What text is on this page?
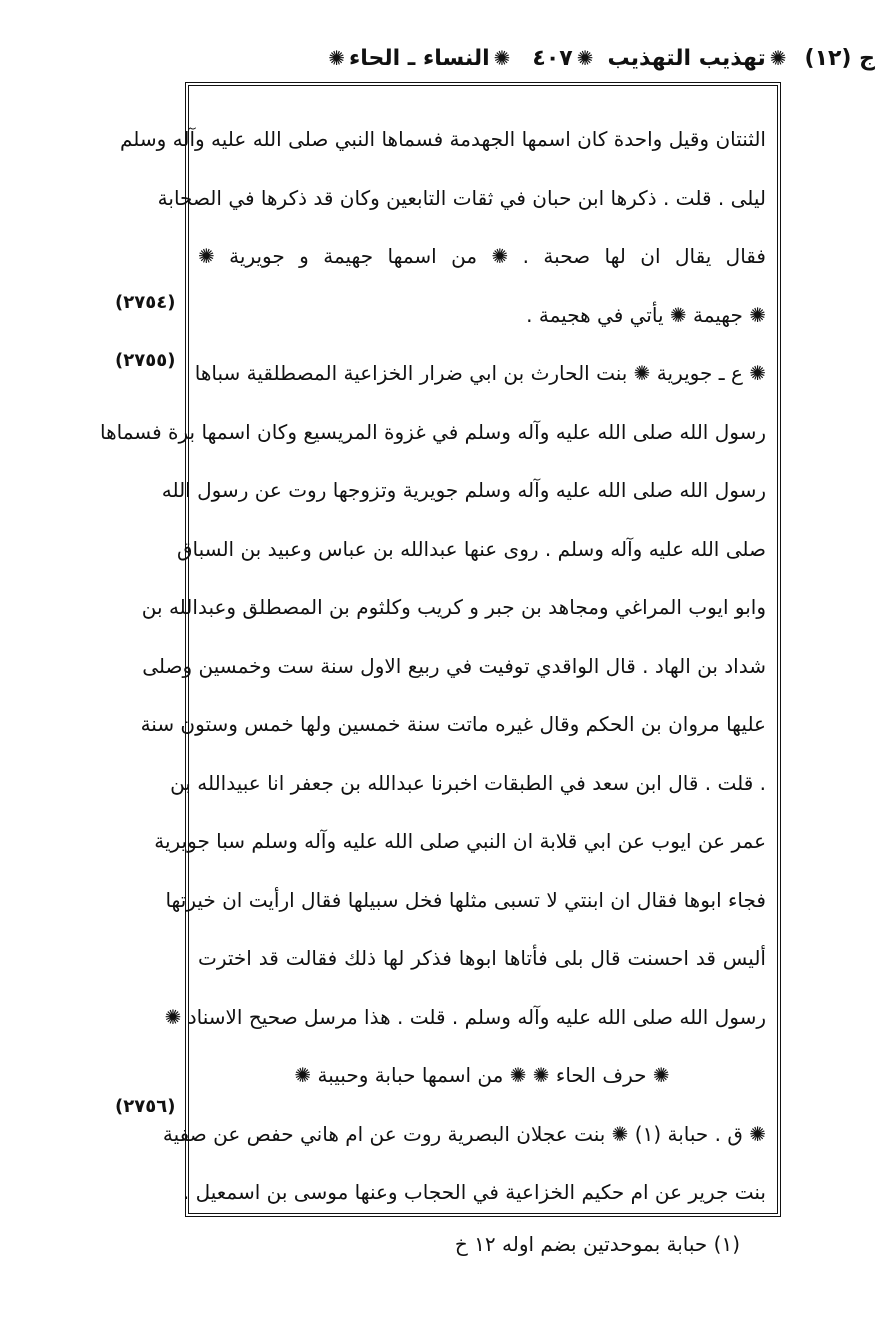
ج (١٢)
✺
تهذيب التهذيب
✺
٤٠٧
✺
النساء ـ الحاء
✺
(٢٧٥٤)
(٢٧٥٥)
(٢٧٥٦)
الثنتان وقيل واحدة كان اسمها الجهدمة فسماها النبي صلى الله عليه وآله وسلم
ليلى . قلت . ذكرها ابن حبان في ثقات التابعين وكان قد ذكرها في الصحابة
فقال يقال ان لها صحبة . ✺ من اسمها جهيمة و جويرية ✺
✺ جهيمة ✺ يأتي في هجيمة .
✺ ع ـ جويرية ✺ بنت الحارث بن ابي ضرار الخزاعية المصطلقية سباها
رسول الله صلى الله عليه وآله وسلم في غزوة المريسيع وكان اسمها برة فسماها
رسول الله صلى الله عليه وآله وسلم جويرية وتزوجها روت عن رسول الله
صلى الله عليه وآله وسلم . روى عنها عبدالله بن عباس وعبيد بن السباق
وابو ايوب المراغي ومجاهد بن جبر و كريب وكلثوم بن المصطلق وعبدالله بن
شداد بن الهاد . قال الواقدي توفيت في ربيع الاول سنة ست وخمسين وصلى
عليها مروان بن الحكم وقال غيره ماتت سنة خمسين ولها خمس وستون سنة
. قلت . قال ابن سعد في الطبقات اخبرنا عبدالله بن جعفر انا عبيدالله بن
عمر عن ايوب عن ابي قلابة ان النبي صلى الله عليه وآله وسلم سبا جويرية
فجاء ابوها فقال ان ابنتي لا تسبى مثلها فخل سبيلها فقال ارأيت ان خيرتها
أليس قد احسنت قال بلى فأتاها ابوها فذكر لها ذلك فقالت قد اخترت
رسول الله صلى الله عليه وآله وسلم . قلت . هذا مرسل صحيح الاسناد ✺
✺ حرف الحاء ✺ ✺ من اسمها حبابة وحبيبة ✺
✺ ق . حبابة (١) ✺ بنت عجلان البصرية روت عن ام هاني حفص عن صفية
بنت جرير عن ام حكيم الخزاعية في الحجاب وعنها موسى بن اسمعيل .
(١) حبابة بموحدتين بضم اوله ١٢ خ
